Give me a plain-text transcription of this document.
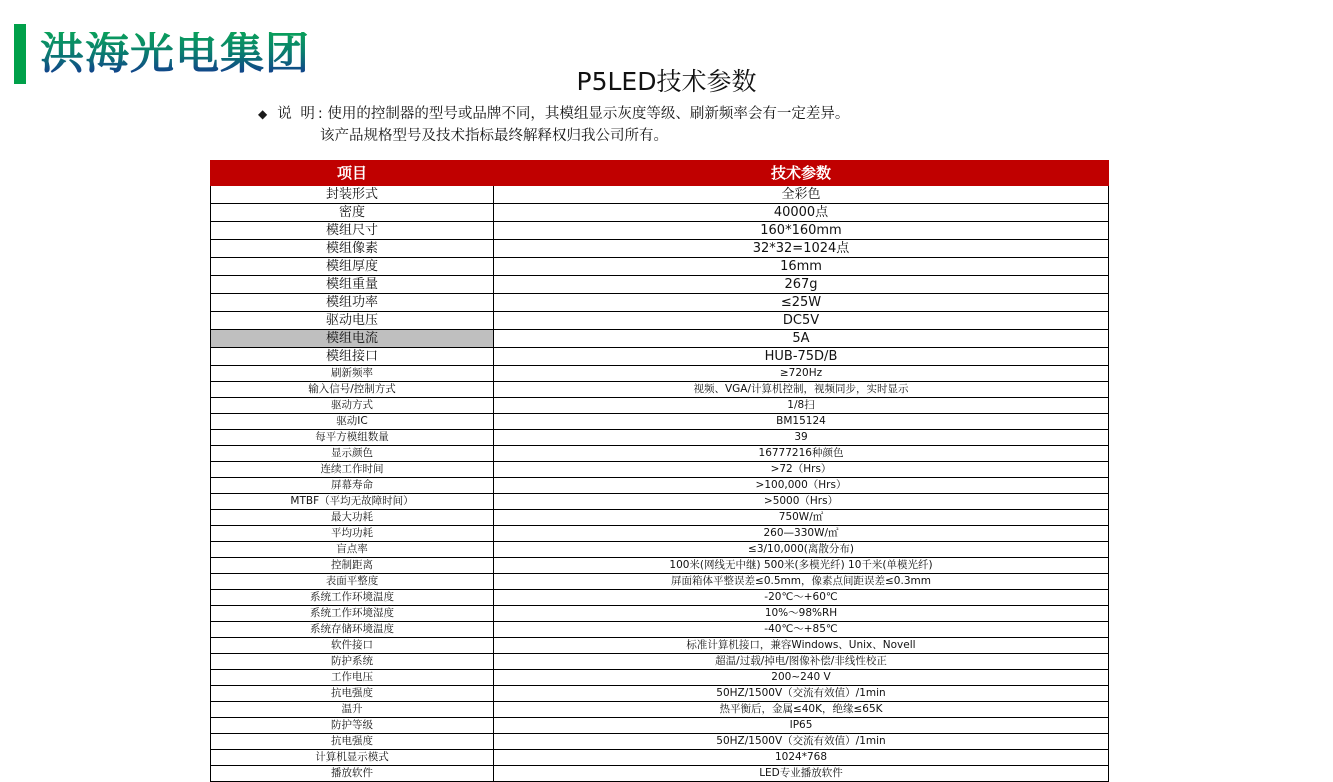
洪海光电集团
P5LED技术参数
◆ 说 明 : 使用的控制器的型号或品牌不同，其模组显示灰度等级、刷新频率会有一定差异。
该产品规格型号及技术指标最终解释权归我公司所有。
项目	技术参数
封装形式	全彩色
密度	40000点
模组尺寸	160*160mm
模组像素	32*32=1024点
模组厚度	16mm
模组重量	267g
模组功率	≤25W
驱动电压	DC5V
模组电流	5A
模组接口	HUB-75D/B
刷新频率	≥720Hz
输入信号/控制方式	视频、VGA/计算机控制，视频同步，实时显示
驱动方式	1/8扫
驱动IC	BM15124
每平方模组数量	39
显示颜色	16777216种颜色
连续工作时间	>72（Hrs）
屏幕寿命	>100,000（Hrs）
MTBF（平均无故障时间）	>5000（Hrs）
最大功耗	750W/㎡
平均功耗	260—330W/㎡
盲点率	≤3/10,000(离散分布)
控制距离	100米(网线无中继) 500米(多模光纤) 10千米(单模光纤)
表面平整度	屏面箱体平整误差≤0.5mm，像素点间距误差≤0.3mm
系统工作环境温度	-20℃～+60℃
系统工作环境湿度	10%～98%RH
系统存储环境温度	-40℃～+85℃
软件接口	标准计算机接口，兼容Windows、Unix、Novell
防护系统	超温/过载/掉电/图像补偿/非线性校正
工作电压	200~240 V
抗电强度	50HZ/1500V（交流有效值）/1min
温升	热平衡后，金属≤40K，绝缘≤65K
防护等级	IP65
抗电强度	50HZ/1500V（交流有效值）/1min
计算机显示模式	1024*768
播放软件	LED专业播放软件
